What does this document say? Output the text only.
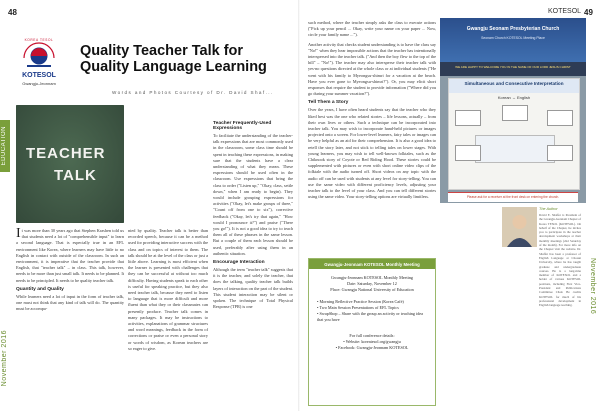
48
EDUCATION
November 2016
KOREA TESOL
KOTESOL
Gwangju-Jeonnam
Quality Teacher Talk for
Quality Language Learning
Words and Photos Courtesy of Dr. David Shaf...
TEACHER
TALK
It was more than 30 years ago that Stephen Krashen told us that students need a lot of "comprehensible input" to learn a second language. That is especially true in an EFL environment like Korea, where learners may have little to no English in contact with outside of the classroom. In such an environment, it is imperative that the teacher provide that English, that "teacher talk" – in class. This talk, however, needs to be more than just small talk. It needs to be planned. It needs to be principled. It needs to be quality teacher talk.
Quantity and Quality
While learners need a lot of input in the form of teacher talk, one must not think that any kind of talk will do. The quantity must be accompa-
nied by quality. Teacher talk is better than recorded speech, because it can be a method used for providing interactive success with the class and on topics of interest to them. The talk should be at the level of the class or just a little above. Learning is most efficient when the learner is presented with challenges that they can be successful at without too much difficulty. Having students speak to each other is useful for speaking practice, but they also need teacher talk, because they need to listen to language that is more difficult and more fluent than what they or their classmates can presently produce. Teacher talk comes in many packages. It may be instructions to activities, explanations of grammar structures and word meanings, feedback in the form of corrections or praise or even a personal story or words of wisdom, as Korean teachers are so eager to give.
Teacher Frequently-Used Expressions
To facilitate the understanding of the teacher-talk expressions that are most commonly used in the classroom, some class time should be spent in teaching these expressions, in making sure that the students have a clear understanding of what they mean. These expressions should be used often in the classroom. Use expressions that bring the class to order ("Listen up," "Okay, class, settle down," when I am ready to begin). They would include grouping expressions for activities ("Okay, let's make groups of three," "Count off from one to six"), corrective feedback ("Okay, let's try that again," "How would I pronounce it?") and praise ("There you go!"). It is not a good idea to try to teach them all of these phrases in the same lesson. But a couple of them each lesson should be used, preferably after using them in an authentic situation.
Encourage Interaction
Although the term "teacher talk" suggests that it is the teacher, and solely the teacher, that does the talking, quality teacher talk builds layers of interaction on the part of the student. This student interaction may be silent or spoken. The technique of Total Physical Response (TPR) is one
KOTESOL 49
November 2016
such method, where the teacher simply asks the class to execute actions ("Pick up your pencil ... Okay, write your name on your paper ... Now, circle your family name ...").
Another activity that checks student understanding is to have the class say "No!" when they hear impossible actions that the teacher has intentionally interspersed into the teacher talk. ("And then the boy flew to the top of the hill" – "No!"). The teacher may also intersperse their teacher talk with yes-no questions directed at the whole class or at individual students ("He went with his family to Myeongsu-shimri for a vacation at the beach. Have you ever gone to Myeongsu-shimri?"). Or, you may elicit short responses that require the student to provide information ("Where did you go during your summer vacation?").
Tell Them a Story
Over the years, I have often heard students say that the teacher who they liked best was the one who related stories – life lessons, actually – from their own lives or others. Such a technique can be incorporated into teacher talk. You may wish to incorporate hand-held pictures or images projected onto a screen. For lower-level learners, fairy tales or images can be very helpful as an aid for their comprehension. It is also a good idea to retell the story later, and not stick to telling tales on lower stages. With young learners, you may wish to tell well-known folktales, such as the Chiknook story of Coyote or Red Riding Hood. These stories could be supplemented with pictures or even with short online video clips of the folktale with the audio turned off. Short videos on any topic with the audio off can be used with students at any level for story-telling. You can use the same video with different proficiency levels, adjusting your teacher talk to the level of your class. And you can tell different stories using the same video. Your story-telling options are virtually limitless.
Gwangju Seonam Presbyterian Church
Seonam Church KOTESOL Meeting Place
WE ARE HAPPY TO WELCOME YOU IN THE NAME OF OUR LORD JESUS CHRIST
Simultaneous and Consecutive Interpretation
Korean ↔ English
Please ask for a receiver at the front desk on entering the church.
The Author
David E. Shaffer is President of the Gwangju-Jeonnam Chapter of Korea TESOL (KOTESOL). On behalf of the Chapter, he invites you to participate in the teacher development workshops at their monthly meetings (2nd Saturday of the month). For more info on the Chapter visit the website. Dr. Shaffer has been a professor of English Language at Chosun University, where he has taught graduate and undergraduate courses. He is a long-time member of KOTESOL and a holder of various KOTESOL positions, including First Vice-President and Publications Committee Chair. He credits KOTESOL for much of his professional development in English language teaching.
Gwangju-Jeonnam KOTESOL Monthly Meeting
Gwangju-Jeonnam KOTESOL Monthly Meeting
Date: Saturday, November 12
Place: Gwangju National University of Education
• Morning Reflective Practice Session (Korea Café)
• Two Main Session Presentations of EFL Topics
• SwapShop – Share with the group an activity or teaching idea that you have
For full conference details:
• Website: koreatesol.org/gwangju
• Facebook: Gwangju-Jeonnam KOTESOL
